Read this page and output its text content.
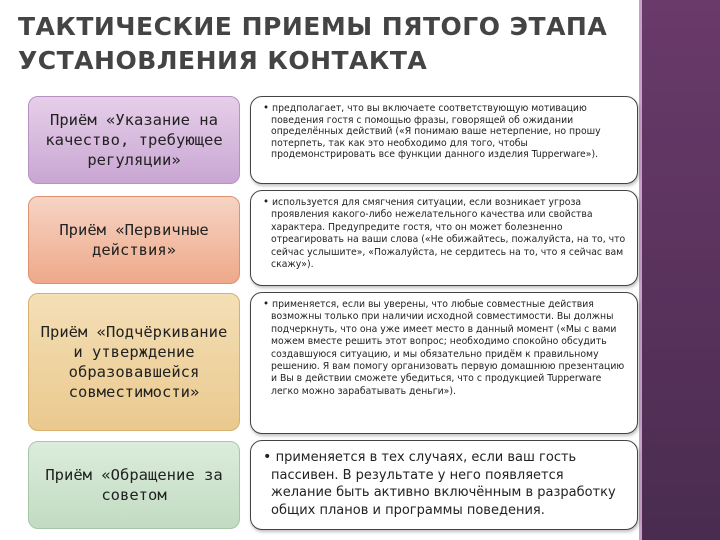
ТАКТИЧЕСКИЕ ПРИЕМЫ ПЯТОГО ЭТАПА УСТАНОВЛЕНИЯ КОНТАКТА
Приём «Указание на качество, требующее регуляции»
• предполагает, что вы включаете соответствующую мотивацию поведения гостя с помощью фразы, говорящей об ожидании определённых действий («Я понимаю ваше нетерпение, но прошу потерпеть, так как это необходимо для того, чтобы продемонстрировать все функции данного изделия Tupperware»).
Приём «Первичные действия»
• используется для смягчения ситуации, если возникает угроза проявления какого-либо нежелательного качества или свойства характера. Предупредите гостя, что он может болезненно отреагировать на ваши слова («Не обижайтесь, пожалуйста, на то, что сейчас услышите», «Пожалуйста, не сердитесь на то, что я сейчас вам скажу»).
Приём «Подчёркивание и утверждение образовавшейся совместимости»
• применяется, если вы уверены, что любые совместные действия возможны только при наличии исходной совместимости. Вы должны подчеркнуть, что она уже имеет место в данный момент («Мы с вами можем вместе решить этот вопрос; необходимо спокойно обсудить создавшуюся ситуацию, и мы обязательно придём к правильному решению. Я вам помогу организовать первую домашнюю презентацию и Вы в действии сможете убедиться, что с продукцией Tupperware легко можно зарабатывать деньги»).
Приём «Обращение за советом
• применяется в тех случаях, если ваш гость пассивен. В результате у него появляется желание быть активно включённым в разработку общих планов и программы поведения.
